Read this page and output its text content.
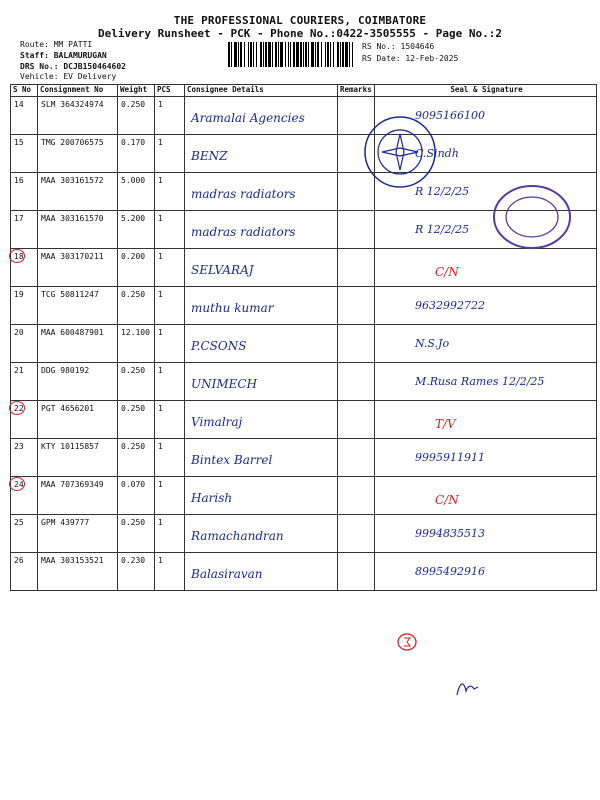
THE PROFESSIONAL COURIERS, COIMBATORE
Delivery Runsheet - PCK - Phone No.:0422-3505555 - Page No.:2
Route: MM PATTI
Staff: BALAMURUGAN
DRS No.: DCJB150464602
Vehicle: EV Delivery
RS No.: 1504646
RS Date: 12-Feb-2025
S No	Consignment No	Weight	PCS	Consignee Details	Remarks	Seal & Signature
14	SLM 364324974	0.250	1	Aramalai Agencies		9095166100

15	TMG 200706575	0.170	1	BENZ		C.Sindh

16	MAA 303161572	5.000	1	madras radiators		R 12/2/25

17	MAA 303161570	5.200	1	madras radiators		R 12/2/25

18	MAA 303170211	0.200	1	SELVARAJ		C/N

19	TCG 50811247	0.250	1	muthu kumar		9632992722

20	MAA 600487901	12.100	1	P.CSONS		N.S.Jo

21	DDG 980192	0.250	1	UNIMECH		M.Rusa Rames 12/2/25

22	PGT 4656201	0.250	1	Vimalraj		T/V

23	KTY 10115857	0.250	1	Bintex Barrel		9995911911

24	MAA 707369349	0.070	1	Harish		C/N

25	GPM 439777	0.250	1	Ramachandran		9994835513

26	MAA 303153521	0.230	1	Balasiravan		8995492916
